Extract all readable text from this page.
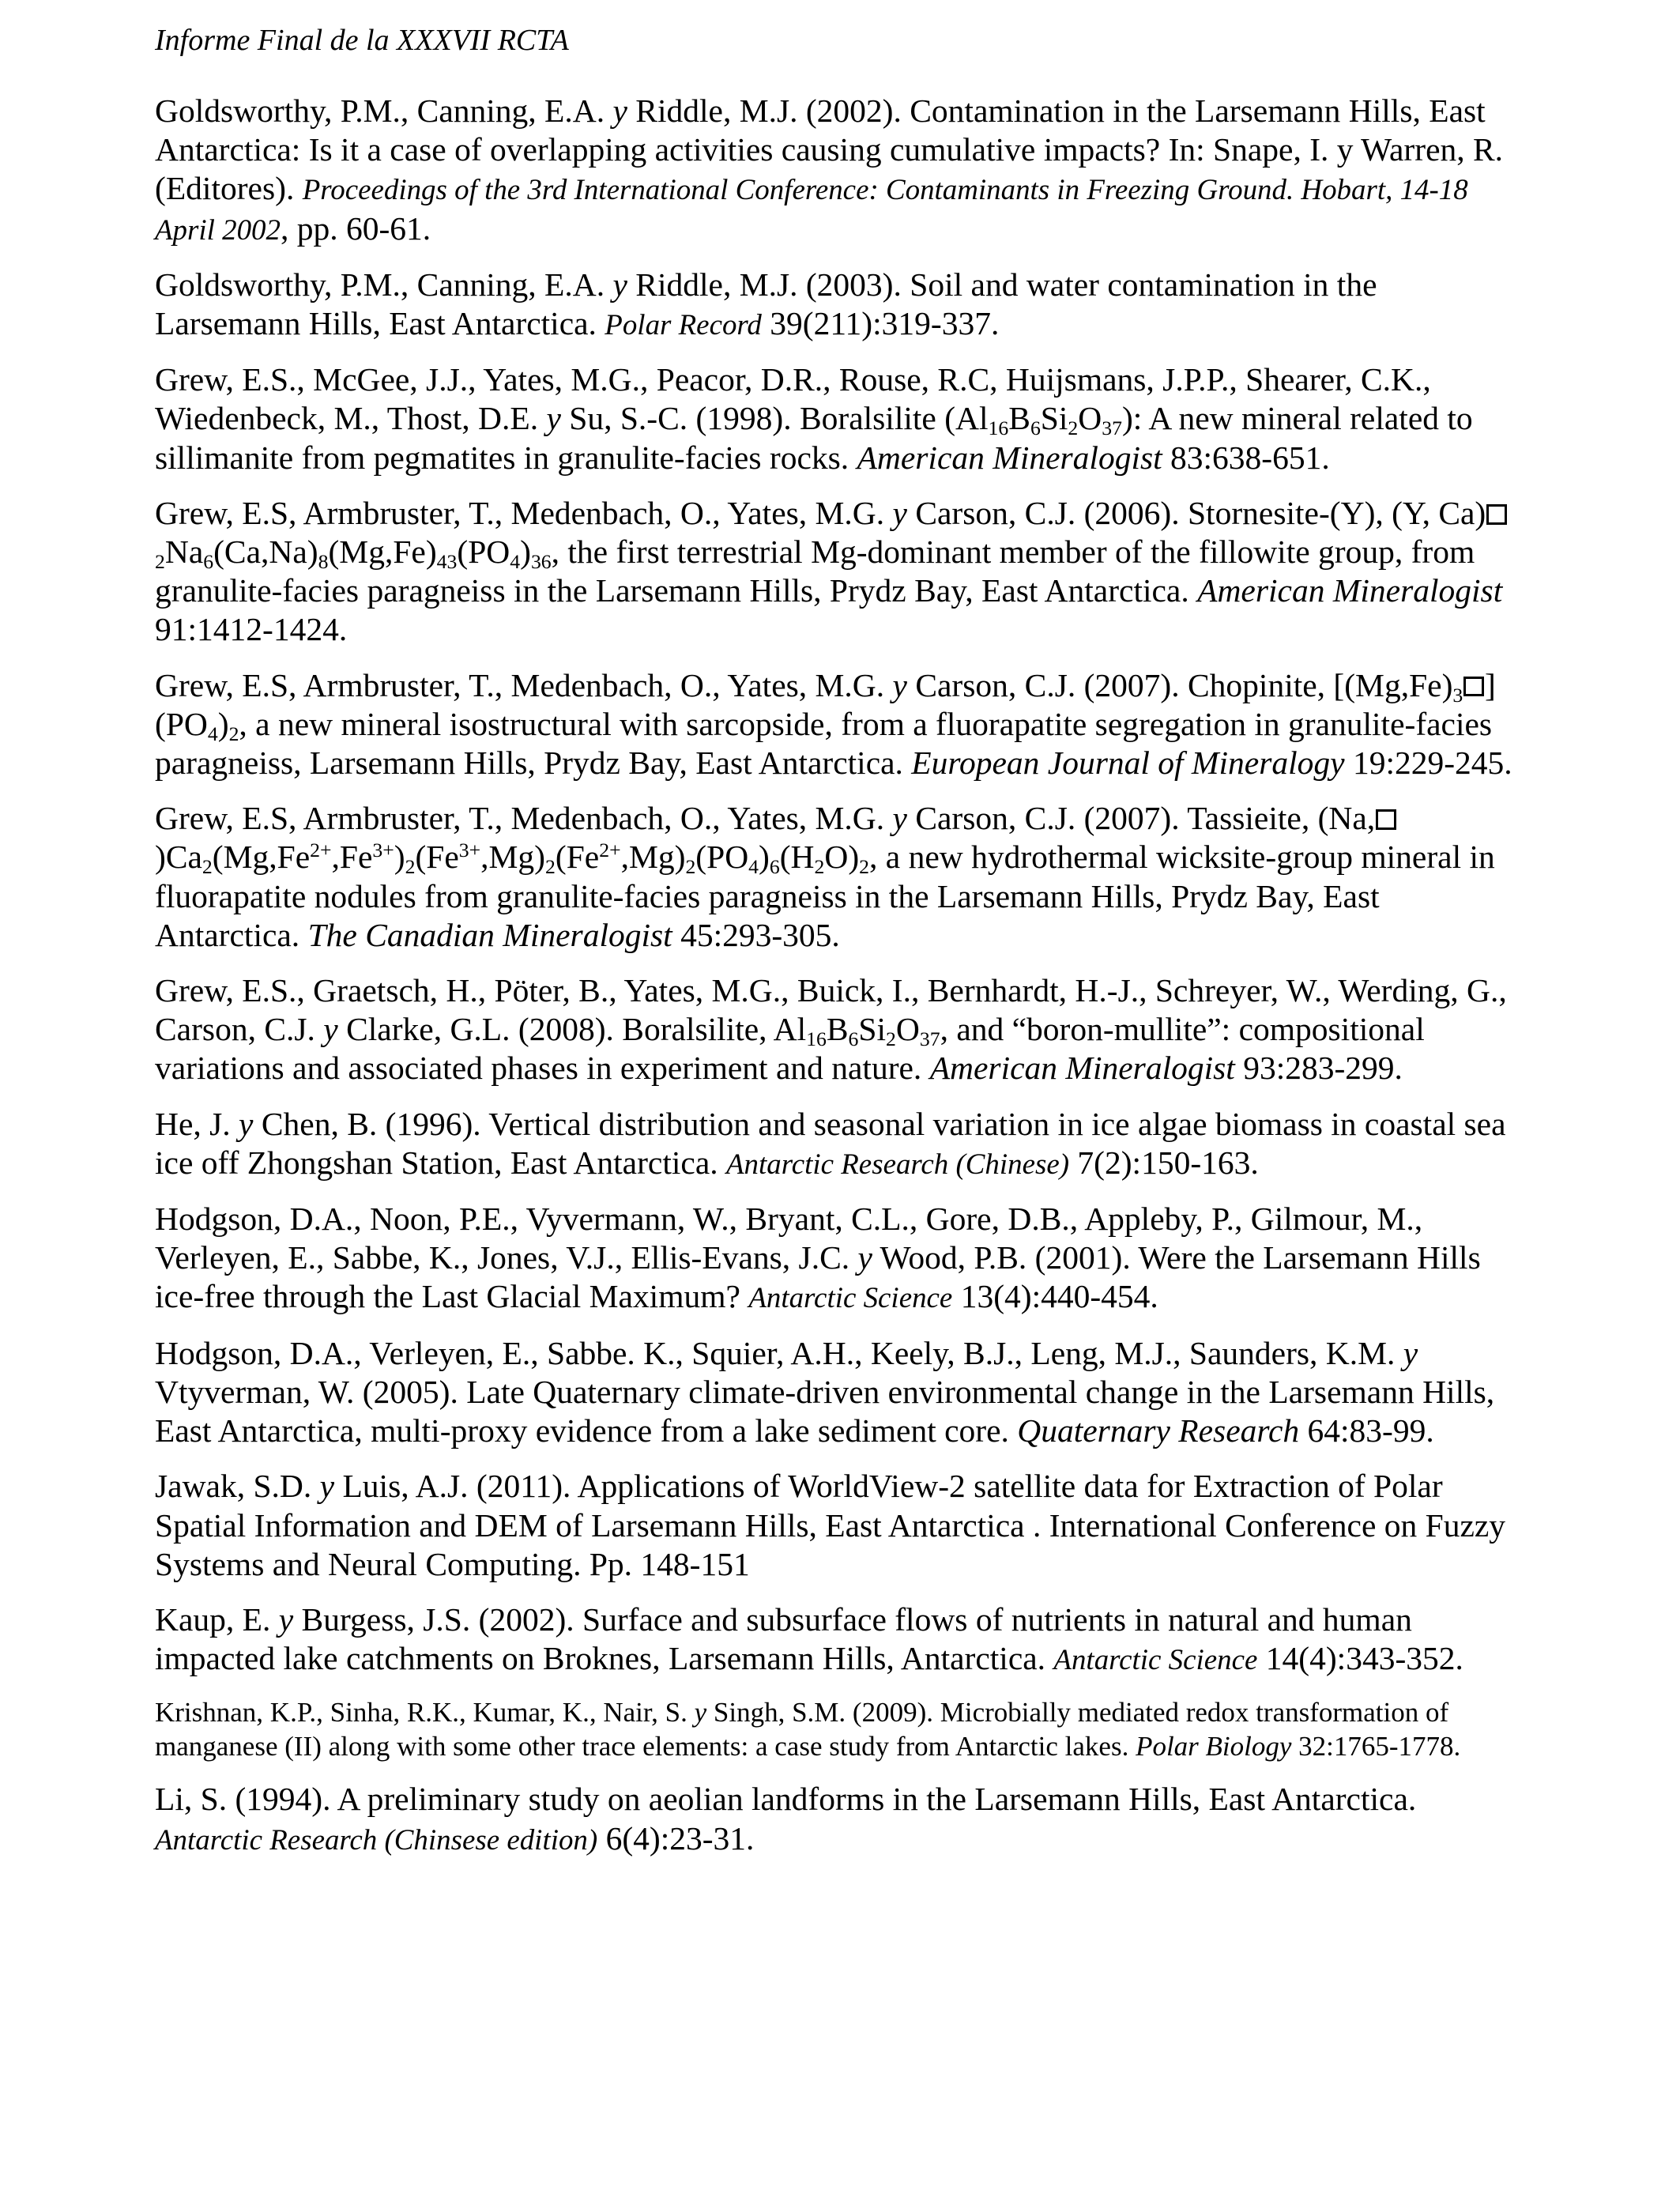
Informe Final de la XXXVII RCTA

Goldsworthy, P.M., Canning, E.A. y Riddle, M.J. (2002). Contamination in the Larsemann Hills, East Antarctica: Is it a case of overlapping activities causing cumulative impacts? In: Snape, I. y Warren, R. (Editores). Proceedings of the 3rd International Conference: Contaminants in Freezing Ground. Hobart, 14-18 April 2002, pp. 60-61.

Goldsworthy, P.M., Canning, E.A. y Riddle, M.J. (2003). Soil and water contamination in the Larsemann Hills, East Antarctica. Polar Record 39(211):319-337.

Grew, E.S., McGee, J.J., Yates, M.G., Peacor, D.R., Rouse, R.C, Huijsmans, J.P.P., Shearer, C.K., Wiedenbeck, M., Thost, D.E. y Su, S.-C. (1998). Boralsilite $(Al_{16}B_6Si_2O_{37})$: A new mineral related to sillimanite from pegmatites in granulite-facies rocks. American Mineralogist 83:638-651.

Grew, E.S, Armbruster, T., Medenbach, O., Yates, M.G. y Carson, C.J. (2006). Stornesite-(Y), (Y, $Ca)_2Na_6(Ca,Na)_8(Mg,Fe)_{43}(PO_4)_{36}$, the first terrestrial Mg-dominant member of the fillowite group, from granulite-facies paragneiss in the Larsemann Hills, Prydz Bay, East Antarctica. American Mineralogist 91:1412-1424.

Grew, E.S, Armbruster, T., Medenbach, O., Yates, M.G. y Carson, C.J. (2007). Chopinite, [$(Mg,Fe)_3$ ]$(PO_4)_2$, a new mineral isostructural with sarcopside, from a fluorapatite segregation in granulite-facies paragneiss, Larsemann Hills, Prydz Bay, East Antarctica. European Journal of Mineralogy 19:229-245.

Grew, E.S, Armbruster, T., Medenbach, O., Yates, M.G. y Carson, C.J. (2007). Tassieite, $(Na,)Ca_2(Mg,Fe^{2+},Fe^{3+})_2(Fe^{3+},Mg)_2(Fe^{2+},Mg)_2(PO_4)_6(H_2O)_2$, a new hydrothermal wicksite-group mineral in fluorapatite nodules from granulite-facies paragneiss in the Larsemann Hills, Prydz Bay, East Antarctica. The Canadian Mineralogist 45:293-305.

Grew, E.S., Graetsch, H., Pöter, B., Yates, M.G., Buick, I., Bernhardt, H.-J., Schreyer, W., Werding, G., Carson, C.J. y Clarke, G.L. (2008). Boralsilite, $Al_{16}B_6Si_2O_{37}$, and “boron-mullite”: compositional variations and associated phases in experiment and nature. American Mineralogist 93:283-299.

He, J. y Chen, B. (1996). Vertical distribution and seasonal variation in ice algae biomass in coastal sea ice off Zhongshan Station, East Antarctica. Antarctic Research (Chinese) 7(2):150-163.

Hodgson, D.A., Noon, P.E., Vyvermann, W., Bryant, C.L., Gore, D.B., Appleby, P., Gilmour, M., Verleyen, E., Sabbe, K., Jones, V.J., Ellis-Evans, J.C. y Wood, P.B. (2001). Were the Larsemann Hills ice-free through the Last Glacial Maximum? Antarctic Science 13(4):440-454.

Hodgson, D.A., Verleyen, E., Sabbe. K., Squier, A.H., Keely, B.J., Leng, M.J., Saunders, K.M. y Vtyverman, W. (2005). Late Quaternary climate-driven environmental change in the Larsemann Hills, East Antarctica, multi-proxy evidence from a lake sediment core. Quaternary Research 64:83-99.

Jawak, S.D. y Luis, A.J. (2011). Applications of WorldView-2 satellite data for Extraction of Polar Spatial Information and DEM of Larsemann Hills, East Antarctica . International Conference on Fuzzy Systems and Neural Computing. Pp. 148-151

Kaup, E. y Burgess, J.S. (2002). Surface and subsurface flows of nutrients in natural and human impacted lake catchments on Broknes, Larsemann Hills, Antarctica. Antarctic Science 14(4):343-352.

Krishnan, K.P., Sinha, R.K., Kumar, K., Nair, S. y Singh, S.M. (2009). Microbially mediated redox transformation of manganese (II) along with some other trace elements: a case study from Antarctic lakes. Polar Biology 32:1765-1778.

Li, S. (1994). A preliminary study on aeolian landforms in the Larsemann Hills, East Antarctica. Antarctic Research (Chinsese edition) 6(4):23-31.
